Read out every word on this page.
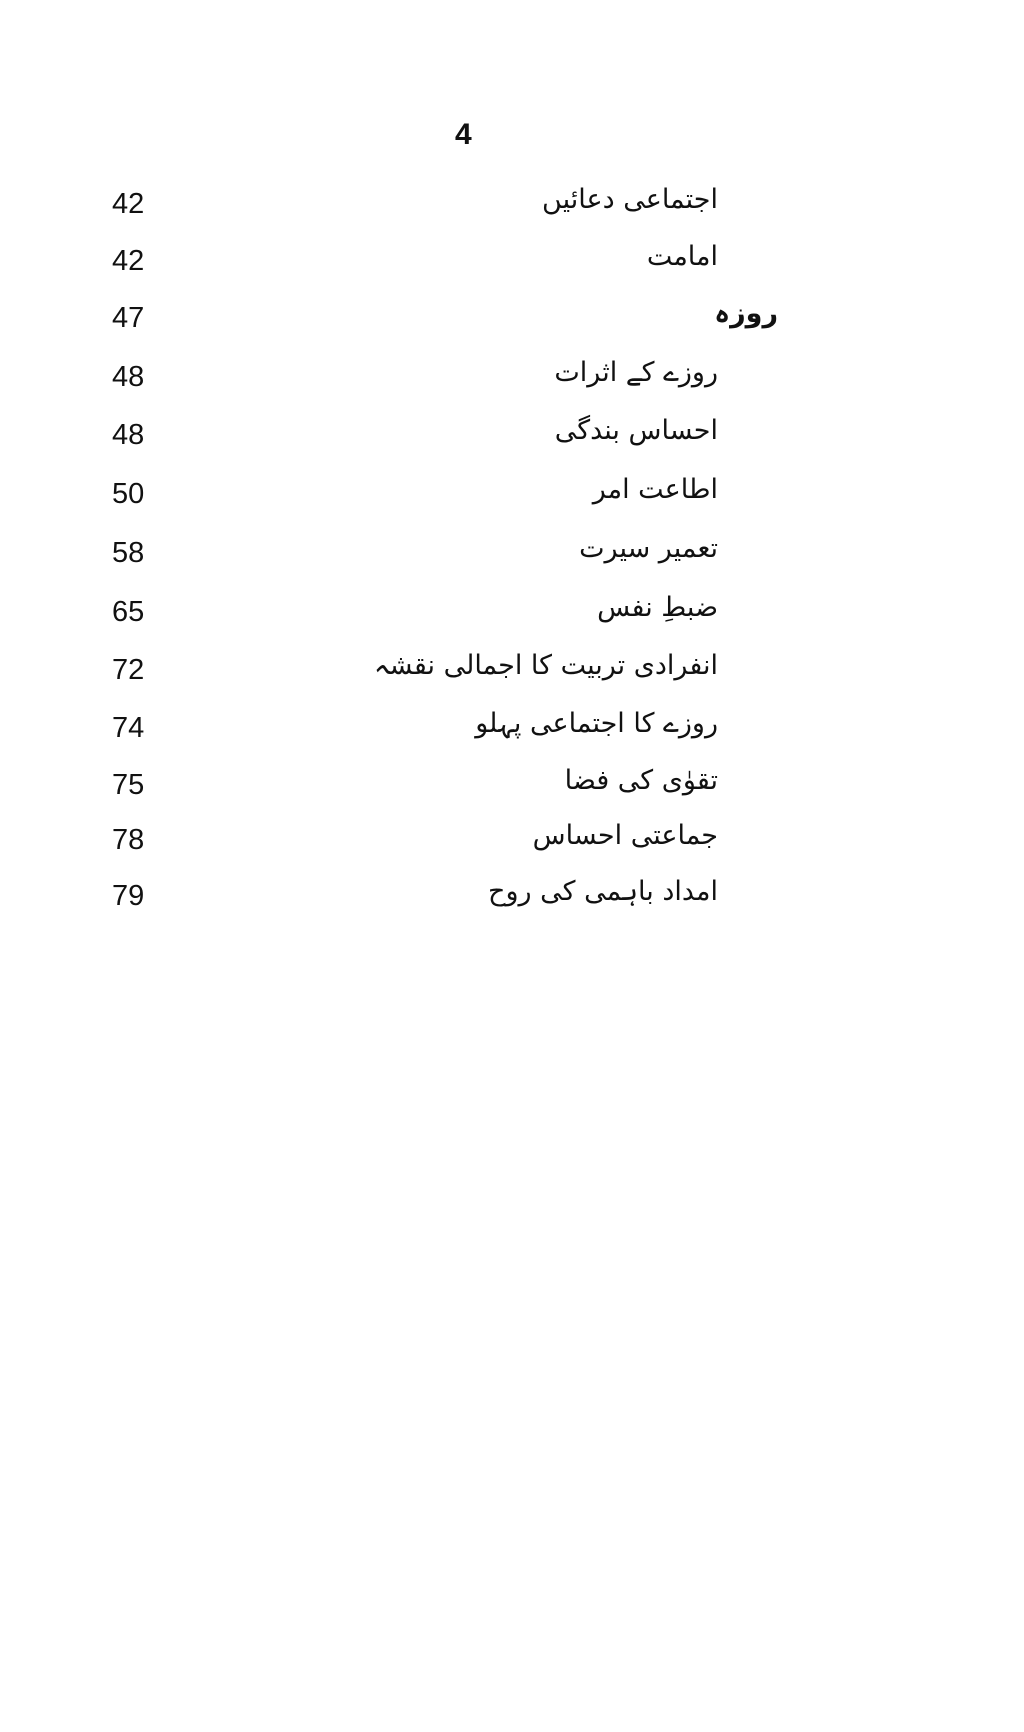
4
42	اجتماعی دعائیں
42	امامت
47	روزہ
48	روزے کے اثرات
48	احساس بندگی
50	اطاعت امر
58	تعمیر سیرت
65	ضبطِ نفس
72	انفرادی تربیت کا اجمالی نقشہ
74	روزے کا اجتماعی پہلو
75	تقوٰی کی فضا
78	جماعتی احساس
79	امداد باہمی کی روح
